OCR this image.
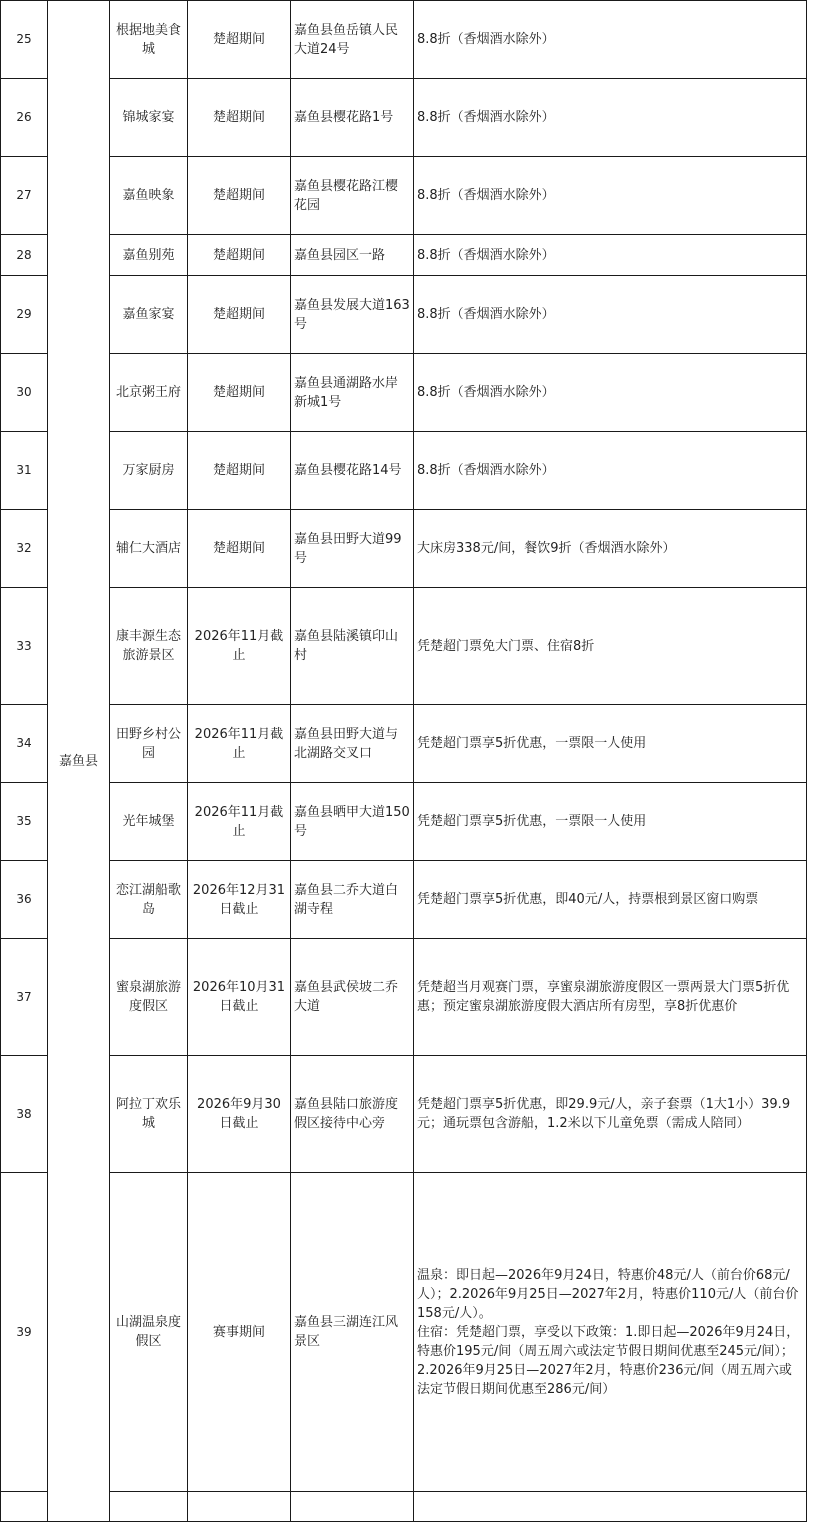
25	嘉鱼县	根据地美食城	楚超期间	嘉鱼县鱼岳镇人民大道24号	8.8折（香烟酒水除外）

26		锦城家宴	楚超期间	嘉鱼县樱花路1号	8.8折（香烟酒水除外）

27		嘉鱼映象	楚超期间	嘉鱼县樱花路江樱花园	8.8折（香烟酒水除外）

28		嘉鱼别苑	楚超期间	嘉鱼县园区一路	8.8折（香烟酒水除外）

29		嘉鱼家宴	楚超期间	嘉鱼县发展大道163号	8.8折（香烟酒水除外）

30		北京粥王府	楚超期间	嘉鱼县通湖路水岸新城1号	8.8折（香烟酒水除外）

31		万家厨房	楚超期间	嘉鱼县樱花路14号	8.8折（香烟酒水除外）

32		辅仁大酒店	楚超期间	嘉鱼县田野大道99号	大床房338元/间，餐饮9折（香烟酒水除外）

33		康丰源生态旅游景区	2026年11月截止	嘉鱼县陆溪镇印山村	凭楚超门票免大门票、住宿8折

34		田野乡村公园	2026年11月截止	嘉鱼县田野大道与北湖路交叉口	凭楚超门票享5折优惠，一票限一人使用

35		光年城堡	2026年11月截止	嘉鱼县晒甲大道150号	凭楚超门票享5折优惠，一票限一人使用

36		恋江湖船歌岛	2026年12月31日截止	嘉鱼县二乔大道白湖寺程	凭楚超门票享5折优惠，即40元/人，持票根到景区窗口购票

37		蜜泉湖旅游度假区	2026年10月31日截止	嘉鱼县武侯坡二乔大道	凭楚超当月观赛门票，享蜜泉湖旅游度假区一票两景大门票5折优惠；预定蜜泉湖旅游度假大酒店所有房型，享8折优惠价

38		阿拉丁欢乐城	2026年9月30日截止	嘉鱼县陆口旅游度假区接待中心旁	凭楚超门票享5折优惠，即29.9元/人，亲子套票（1大1小）39.9元；通玩票包含游船，1.2米以下儿童免票（需成人陪同）

39		山湖温泉度假区	赛事期间	嘉鱼县三湖连江风景区	温泉：即日起—2026年9月24日，特惠价48元/人（前台价68元/人）；2.2026年9月25日—2027年2月，特惠价110元/人（前台价158元/人）。

住宿：凭楚超门票，享受以下政策：1.即日起—2026年9月24日，特惠价195元/间（周五周六或法定节假日期间优惠至245元/间）；2.2026年9月25日—2027年2月，特惠价236元/间（周五周六或法定节假日期间优惠至286元/间）
